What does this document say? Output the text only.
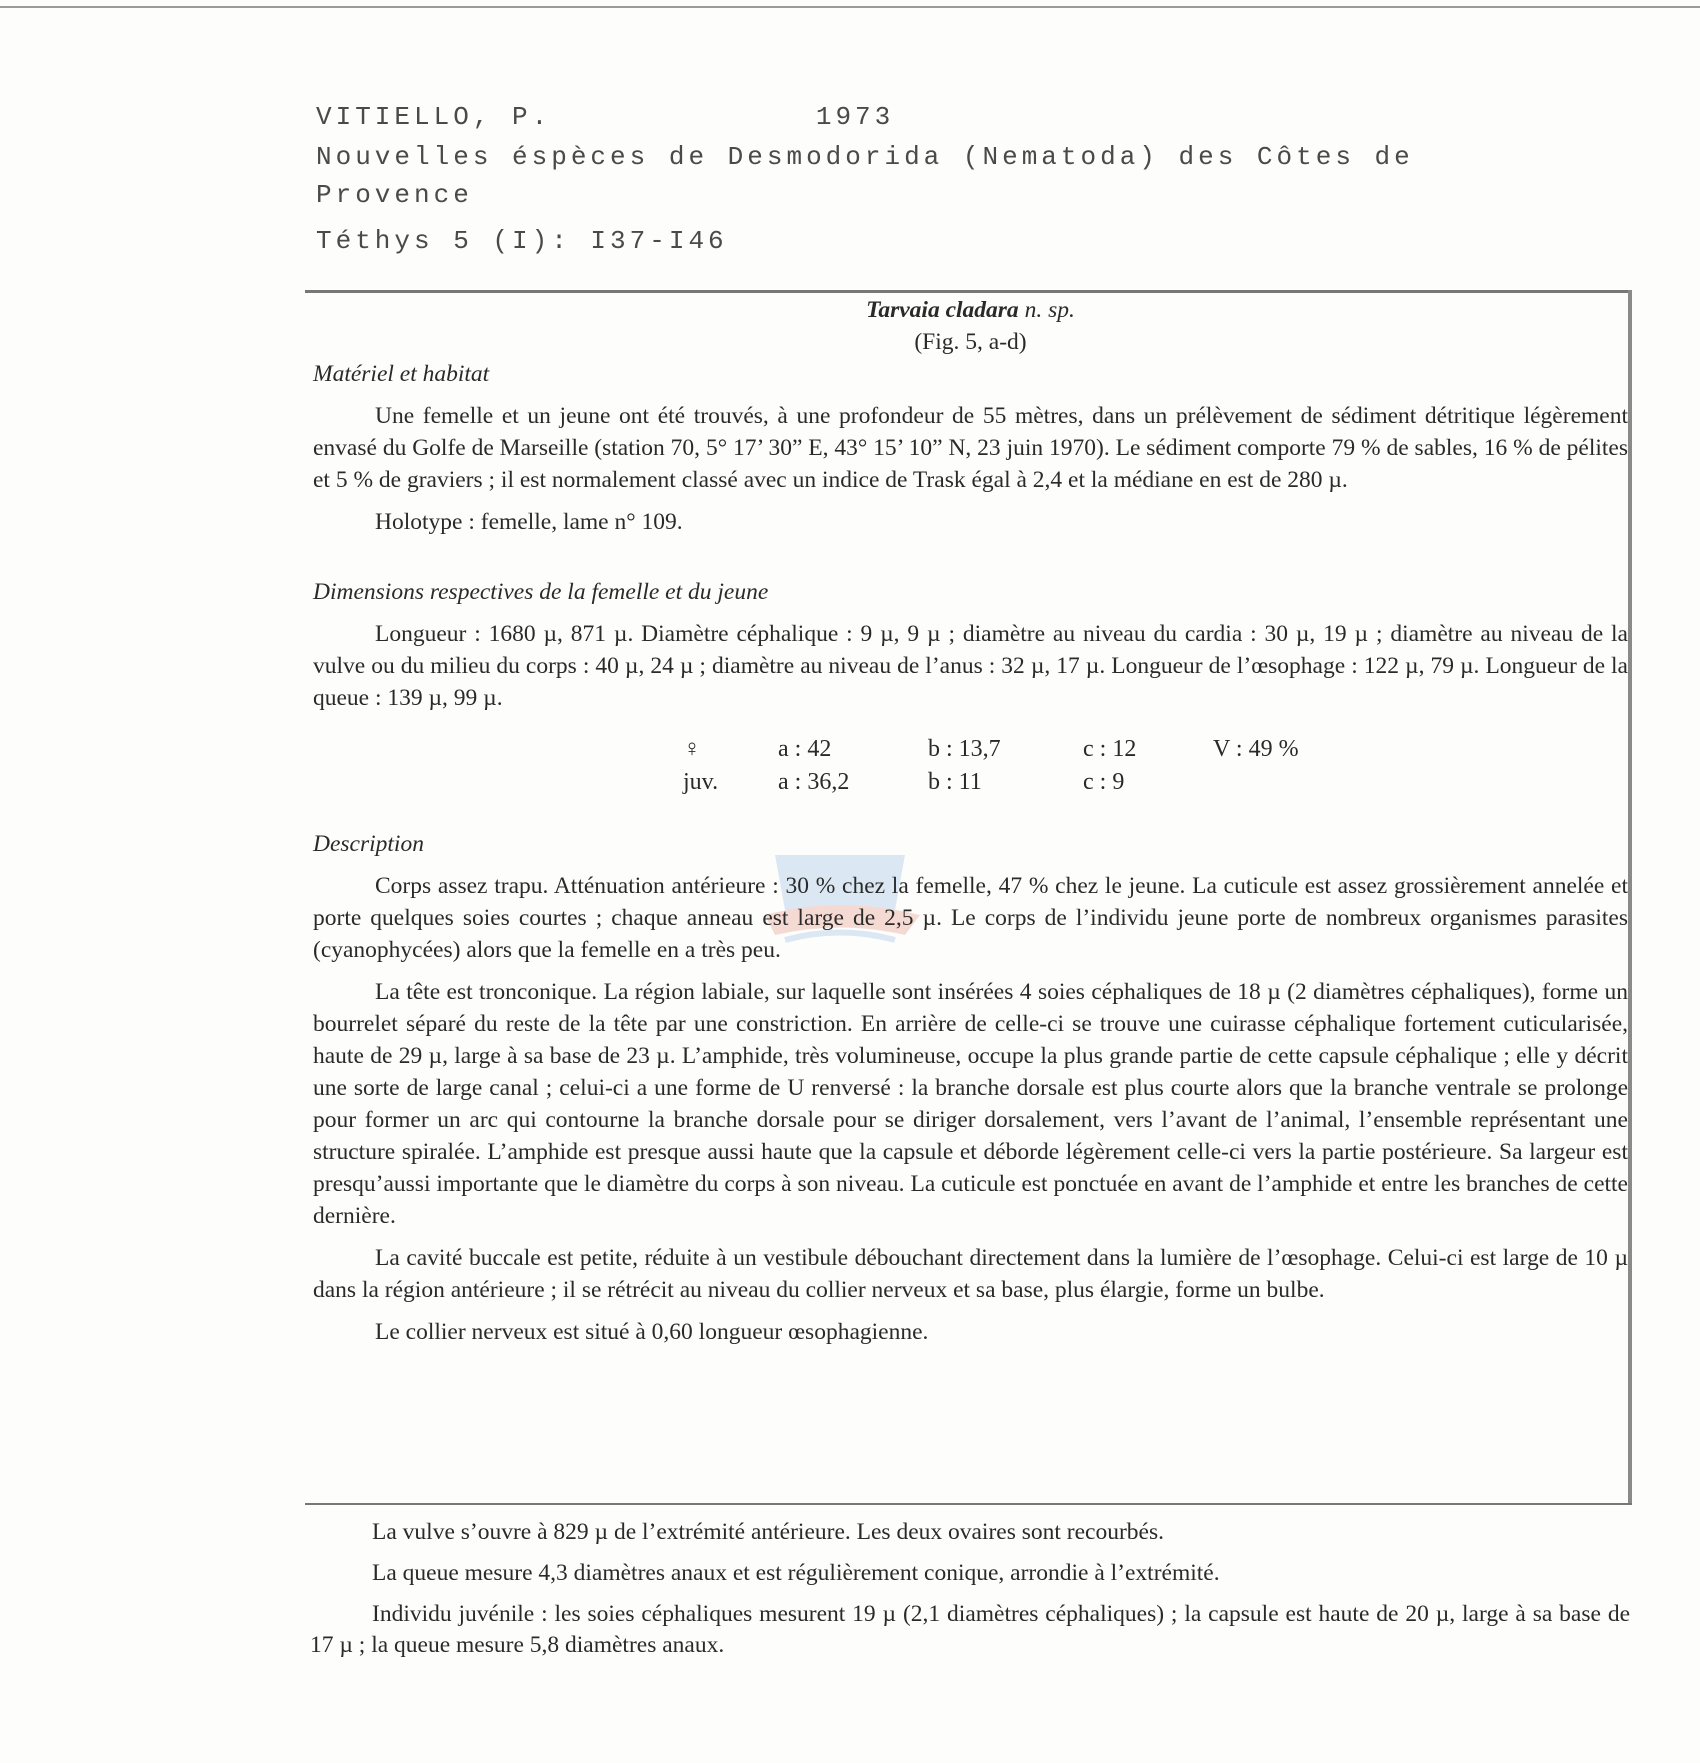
VITIELLO, P.	1973
Nouvelles éspèces de Desmodorida (Nematoda) des Côtes de
Provence
Téthys 5 (I): I37-I46
Tarvaia cladara n. sp.
(Fig. 5, a-d)
Matériel et habitat

Une femelle et un jeune ont été trouvés, à une profondeur de 55 mètres, dans un prélèvement de sédiment détritique légèrement envasé du Golfe de Marseille (station 70, 5° 17’ 30” E, 43° 15’ 10” N, 23 juin 1970). Le sédiment comporte 79 % de sables, 16 % de pélites et 5 % de graviers ; il est normalement classé avec un indice de Trask égal à 2,4 et la médiane en est de 280 µ.

Holotype : femelle, lame n° 109.

Dimensions respectives de la femelle et du jeune

Longueur : 1680 µ, 871 µ. Diamètre céphalique : 9 µ, 9 µ ; diamètre au niveau du cardia : 30 µ, 19 µ ; diamètre au niveau de la vulve ou du milieu du corps : 40 µ, 24 µ ; diamètre au niveau de l’anus : 32 µ, 17 µ. Longueur de l’œsophage : 122 µ, 79 µ. Longueur de la queue : 139 µ, 99 µ.

♀	a : 42	b : 13,7	c : 12	V : 49 %
juv.	a : 36,2	b : 11	c : 9	
Description

Corps assez trapu. Atténuation antérieure : 30 % chez la femelle, 47 % chez le jeune. La cuticule est assez grossièrement annelée et porte quelques soies courtes ; chaque anneau est large de 2,5 µ. Le corps de l’individu jeune porte de nombreux organismes parasites (cyanophycées) alors que la femelle en a très peu.

La tête est tronconique. La région labiale, sur laquelle sont insérées 4 soies céphaliques de 18 µ (2 diamètres céphaliques), forme un bourrelet séparé du reste de la tête par une constriction. En arrière de celle-ci se trouve une cuirasse céphalique fortement cuticularisée, haute de 29 µ, large à sa base de 23 µ. L’amphide, très volumineuse, occupe la plus grande partie de cette capsule céphalique ; elle y décrit une sorte de large canal ; celui-ci a une forme de U renversé : la branche dorsale est plus courte alors que la branche ventrale se prolonge pour former un arc qui contourne la branche dorsale pour se diriger dorsalement, vers l’avant de l’animal, l’ensemble représentant une structure spiralée. L’amphide est presque aussi haute que la capsule et déborde légèrement celle-ci vers la partie postérieure. Sa largeur est presqu’aussi importante que le diamètre du corps à son niveau. La cuticule est ponctuée en avant de l’amphide et entre les branches de cette dernière.

La cavité buccale est petite, réduite à un vestibule débouchant directement dans la lumière de l’œsophage. Celui-ci est large de 10 µ dans la région antérieure ; il se rétrécit au niveau du collier nerveux et sa base, plus élargie, forme un bulbe.

Le collier nerveux est situé à 0,60 longueur œsophagienne.

La vulve s’ouvre à 829 µ de l’extrémité antérieure. Les deux ovaires sont recourbés.

La queue mesure 4,3 diamètres anaux et est régulièrement conique, arrondie à l’extrémité.

Individu juvénile : les soies céphaliques mesurent 19 µ (2,1 diamètres céphaliques) ; la capsule est haute de 20 µ, large à sa base de 17 µ ; la queue mesure 5,8 diamètres anaux.
